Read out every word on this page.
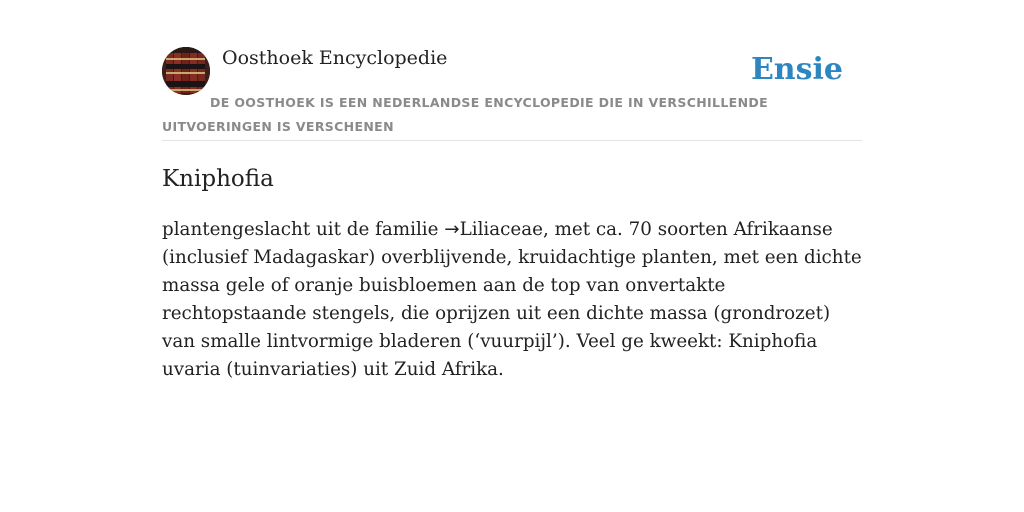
Oosthoek Encyclopedie	Ensie

DE OOSTHOEK IS EEN NEDERLANDSE ENCYCLOPEDIE DIE IN VERSCHILLENDE UITVOERINGEN IS VERSCHENEN

Kniphofia

plantengeslacht uit de familie →Liliaceae, met ca. 70 soorten Afrikaanse (inclusief Madagaskar) overblijvende, kruidachtige planten, met een dichte massa gele of oranje buisbloemen aan de top van onvertakte rechtopstaande stengels, die oprijzen uit een dichte massa (grondrozet) van smalle lintvormige bladeren (‘vuurpijl’). Veel ge kweekt: Kniphofia uvaria (tuinvariaties) uit Zuid Afrika.
